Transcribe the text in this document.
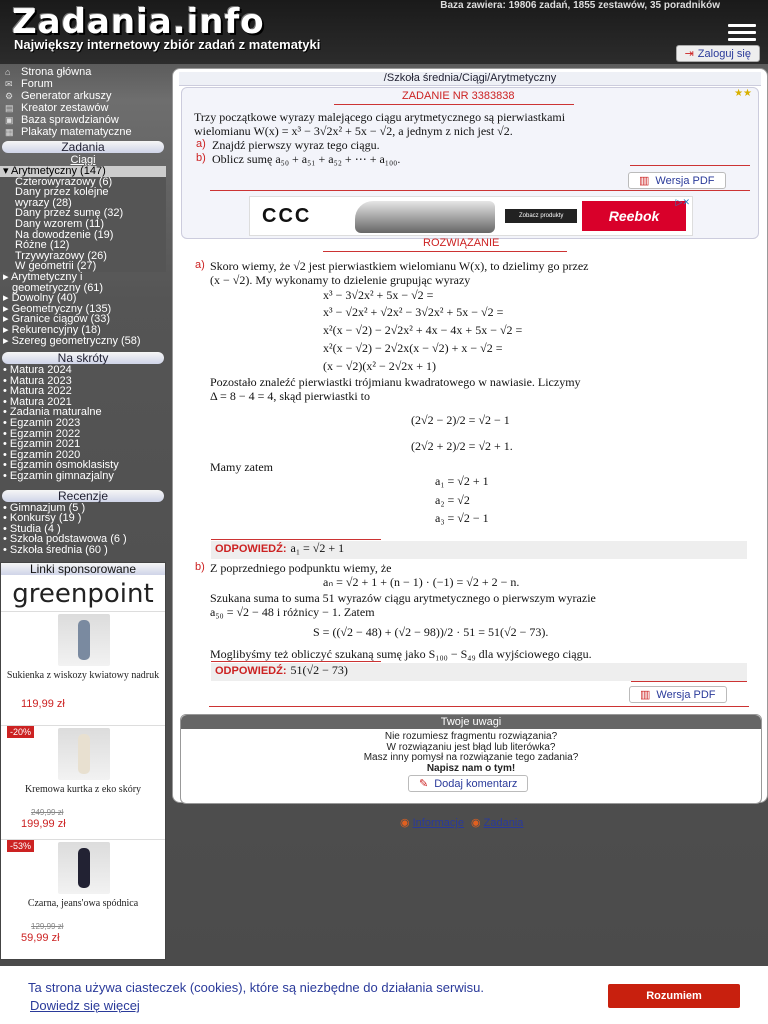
Zadania.info
Największy internetowy zbiór zadań z matematyki
Baza zawiera: 19806 zadań, 1855 zestawów, 35 poradników
⇥ Zaloguj się
⌂ Strona główna
✉ Forum
⚙ Generator arkuszy
▤ Kreator zestawów
▣ Baza sprawdzianów
▦ Plakaty matematyczne
Zadania
Ciągi
▾ Arytmetyczny (147)
Czterowyrazowy (6)
Dany przez kolejne
wyrazy (28)
Dany przez sumę (32)
Dany wzorem (11)
Na dowodzenie (19)
Różne (12)
Trzywyrazowy (26)
W geometrii (27)
▸ Arytmetyczny i
geometryczny (61)
▸ Dowolny (40)
▸ Geometryczny (135)
▸ Granice ciągów (33)
▸ Rekurencyjny (18)
▸ Szereg geometryczny (58)
Na skróty
• Matura 2024
• Matura 2023
• Matura 2022
• Matura 2021
• Zadania maturalne
• Egzamin 2023
• Egzamin 2022
• Egzamin 2021
• Egzamin 2020
• Egzamin ósmoklasisty
• Egzamin gimnazjalny
Recenzje
• Gimnazjum (5 )
• Konkursy (19 )
• Studia (4 )
• Szkoła podstawowa (6 )
• Szkoła średnia (60 )
Linki sponsorowane
greenpoint
Sukienka z wiskozy kwiatowy nadruk
119,99 zł
-20%
Kremowa kurtka z eko skóry
249,99 zł
199,99 zł
-53%
Czarna, jeans'owa spódnica
129,99 zł
59,99 zł
/Szkoła średnia/Ciągi/Arytmetyczny
ZADANIE NR 3383838	★★
Trzy początkowe wyrazy malejącego ciągu arytmetycznego są pierwiastkami
wielomianu W(x) = x³ − 3√2x² + 5x − √2, a jednym z nich jest √2.
a) Znajdź pierwszy wyraz tego ciągu.
b) Oblicz sumę a₅₀ + a₅₁ + a₅₂ + ⋯ + a₁₀₀.
▥ Wersja PDF
CCC	Zobacz produkty	Reebok
▷✕
ROZWIĄZANIE
a) Skoro wiemy, że √2 jest pierwiastkiem wielomianu W(x), to dzielimy go przez
(x − √2). My wykonamy to dzielenie grupując wyrazy
x³ − 3√2x² + 5x − √2 =
x³ − √2x² + √2x² − 3√2x² + 5x − √2 =
x²(x − √2) − 2√2x² + 4x − 4x + 5x − √2 =
x²(x − √2) − 2√2x(x − √2) + x − √2 =
(x − √2)(x² − 2√2x + 1)
Pozostało znaleźć pierwiastki trójmianu kwadratowego w nawiasie. Liczymy
Δ = 8 − 4 = 4, skąd pierwiastki to
(2√2 − 2)/2 = √2 − 1
(2√2 + 2)/2 = √2 + 1.
Mamy zatem
a₁ = √2 + 1
a₂ = √2
a₃ = √2 − 1
ODPOWIEDŹ: a₁ = √2 + 1
b) Z poprzedniego podpunktu wiemy, że
aₙ = √2 + 1 + (n − 1) · (−1) = √2 + 2 − n.
Szukana suma to suma 51 wyrazów ciągu arytmetycznego o pierwszym wyrazie
a₅₀ = √2 − 48 i różnicy − 1. Zatem
S = ((√2 − 48) + (√2 − 98))/2 · 51 = 51(√2 − 73).
Moglibyśmy też obliczyć szukaną sumę jako S₁₀₀ − S₄₉ dla wyjściowego ciągu.
ODPOWIEDŹ: 51(√2 − 73)
▥ Wersja PDF
Twoje uwagi
Nie rozumiesz fragmentu rozwiązania?
W rozwiązaniu jest błąd lub literówka?
Masz inny pomysł na rozwiązanie tego zadania?
Napisz nam o tym!
✎ Dodaj komentarz
◉ Informacje ◉ Zadania
Ta strona używa ciasteczek (cookies), które są niezbędne do działania serwisu.
Dowiedz się więcej
Rozumiem
